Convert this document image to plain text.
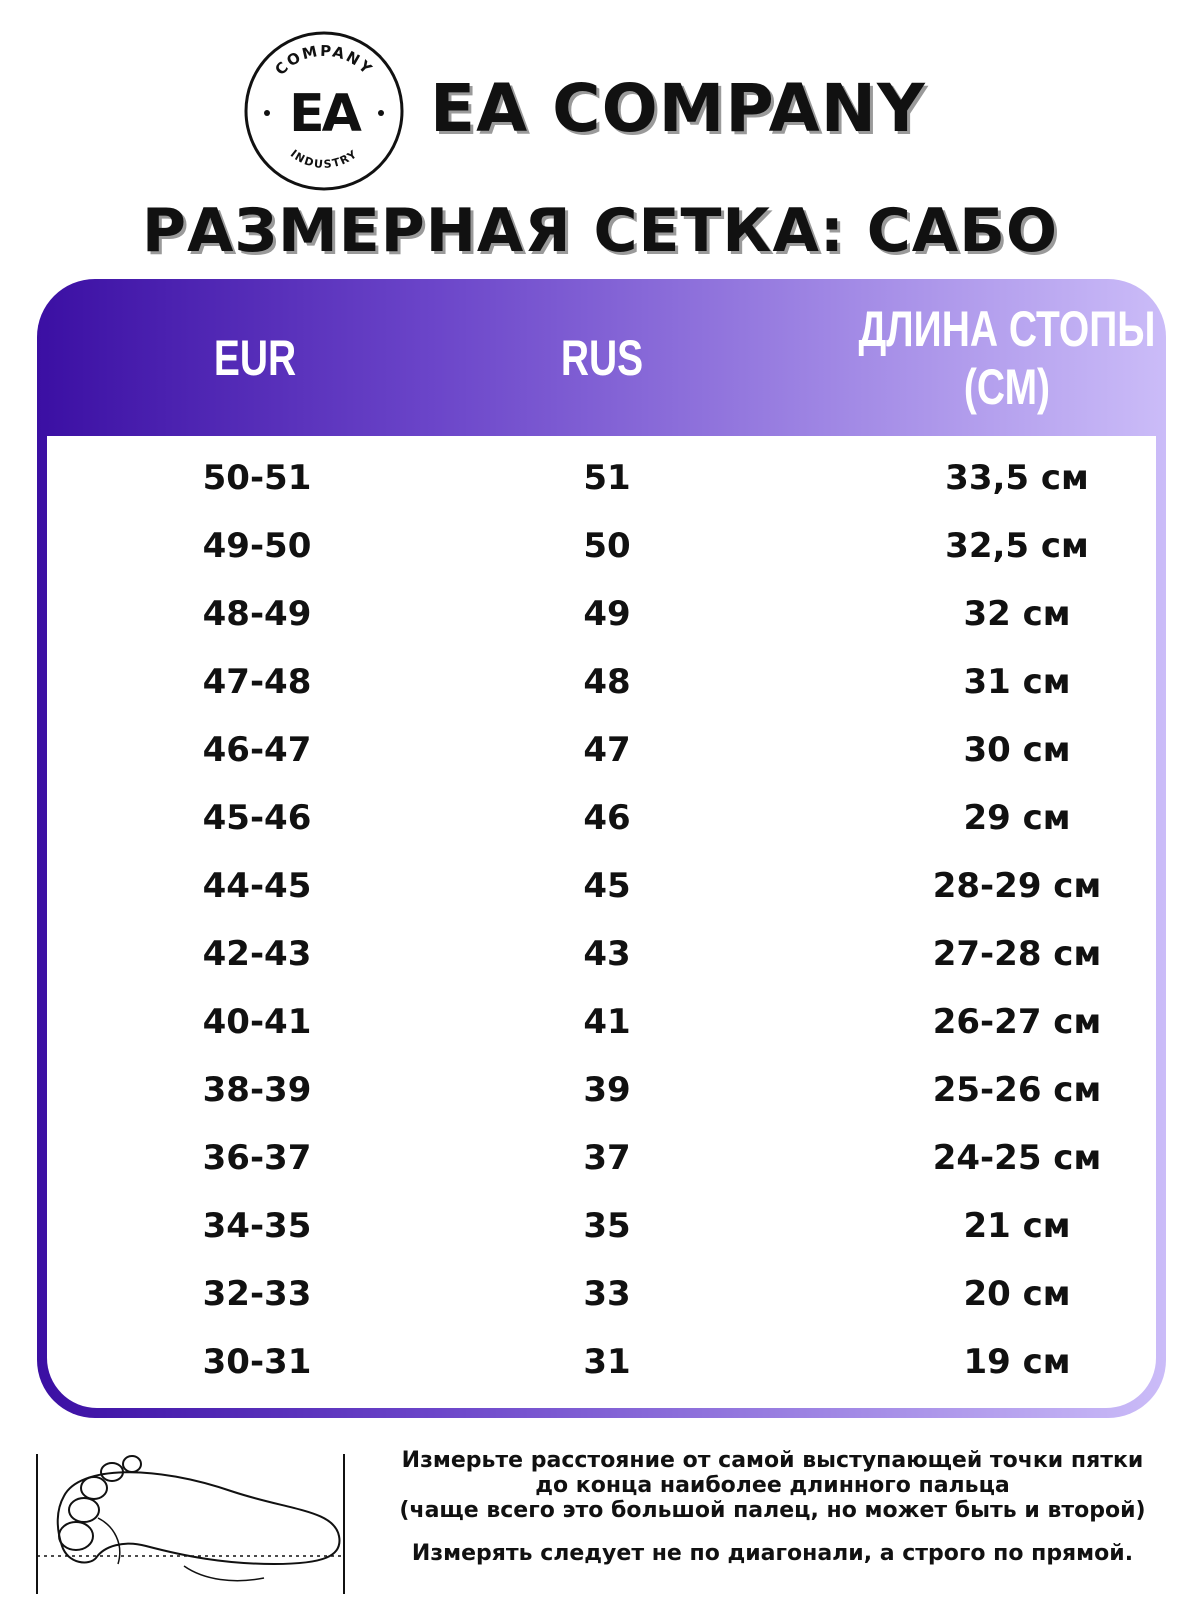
COMPANY
EA
INDUSTRY
EA COMPANY
РАЗМЕРНАЯ СЕТКА: САБО
EUR	RUS
ДЛИНА СТОПЫ
(СМ)
50-51	51	33,5 см
49-50	50	32,5 см
48-49	49	32 см
47-48	48	31 см
46-47	47	30 см
45-46	46	29 см
44-45	45	28-29 см
42-43	43	27-28 см
40-41	41	26-27 см
38-39	39	25-26 см
36-37	37	24-25 см
34-35	35	21 см
32-33	33	20 см
30-31	31	19 см

Измерьте расстояние от самой выступающей точки пятки

до конца наиболее длинного пальца

(чаще всего это большой палец, но может быть и второй)

Измерять следует не по диагонали, а строго по прямой.
